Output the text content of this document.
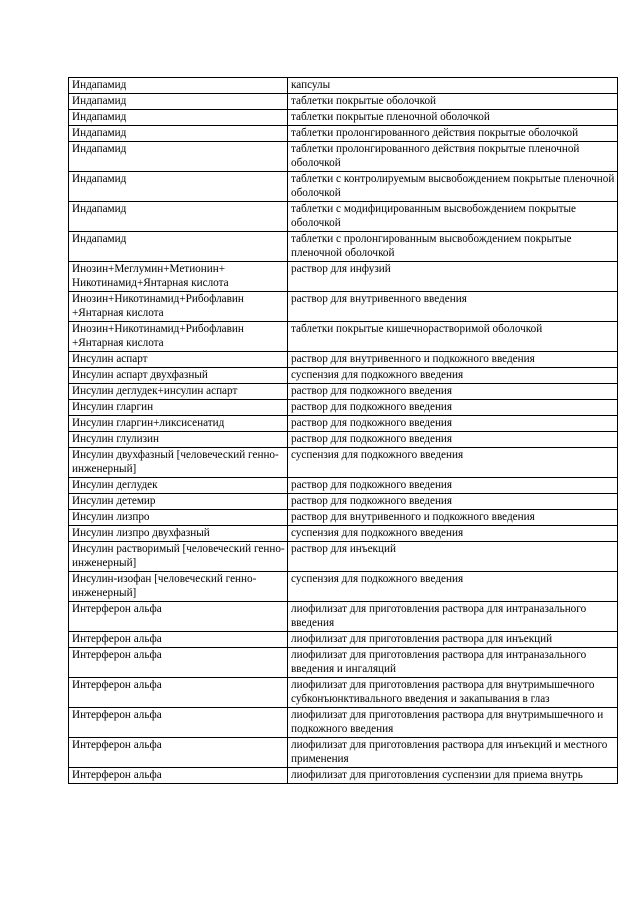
Индапамид	капсулы
Индапамид	таблетки покрытые оболочкой
Индапамид	таблетки покрытые пленочной оболочкой
Индапамид	таблетки пролонгированного действия покрытые оболочкой
Индапамид	таблетки пролонгированного действия покрытые пленочной оболочкой
Индапамид	таблетки с контролируемым высвобождением покрытые пленочной оболочкой
Индапамид	таблетки с модифицированным высвобождением покрытые оболочкой
Индапамид	таблетки с пролонгированным высвобождением покрытые пленочной оболочкой
Инозин+Меглумин+Метионин+ Никотинамид+Янтарная кислота	раствор для инфузий
Инозин+Никотинамид+Рибофлавин +Янтарная кислота	раствор для внутривенного введения
Инозин+Никотинамид+Рибофлавин +Янтарная кислота	таблетки покрытые кишечнорастворимой оболочкой
Инсулин аспарт	раствор для внутривенного и подкожного введения
Инсулин аспарт двухфазный	суспензия для подкожного введения
Инсулин деглудек+инсулин аспарт	раствор для подкожного введения
Инсулин гларгин	раствор для подкожного введения
Инсулин гларгин+ликсисенатид	раствор для подкожного введения
Инсулин глулизин	раствор для подкожного введения
Инсулин двухфазный [человеческий генно-инженерный]	суспензия для подкожного введения
Инсулин деглудек	раствор для подкожного введения
Инсулин детемир	раствор для подкожного введения
Инсулин лизпро	раствор для внутривенного и подкожного введения
Инсулин лизпро двухфазный	суспензия для подкожного введения
Инсулин растворимый [человеческий генно-инженерный]	раствор для инъекций
Инсулин-изофан [человеческий генно-инженерный]	суспензия для подкожного введения
Интерферон альфа	лиофилизат для приготовления раствора для интраназального введения
Интерферон альфа	лиофилизат для приготовления раствора для инъекций
Интерферон альфа	лиофилизат для приготовления раствора для интраназального введения и ингаляций
Интерферон альфа	лиофилизат для приготовления раствора для внутримышечного субконъюнктивального введения и закапывания в глаз
Интерферон альфа	лиофилизат для приготовления раствора для внутримышечного и подкожного введения
Интерферон альфа	лиофилизат для приготовления раствора для инъекций и местного применения
Интерферон альфа	лиофилизат для приготовления суспензии для приема внутрь
